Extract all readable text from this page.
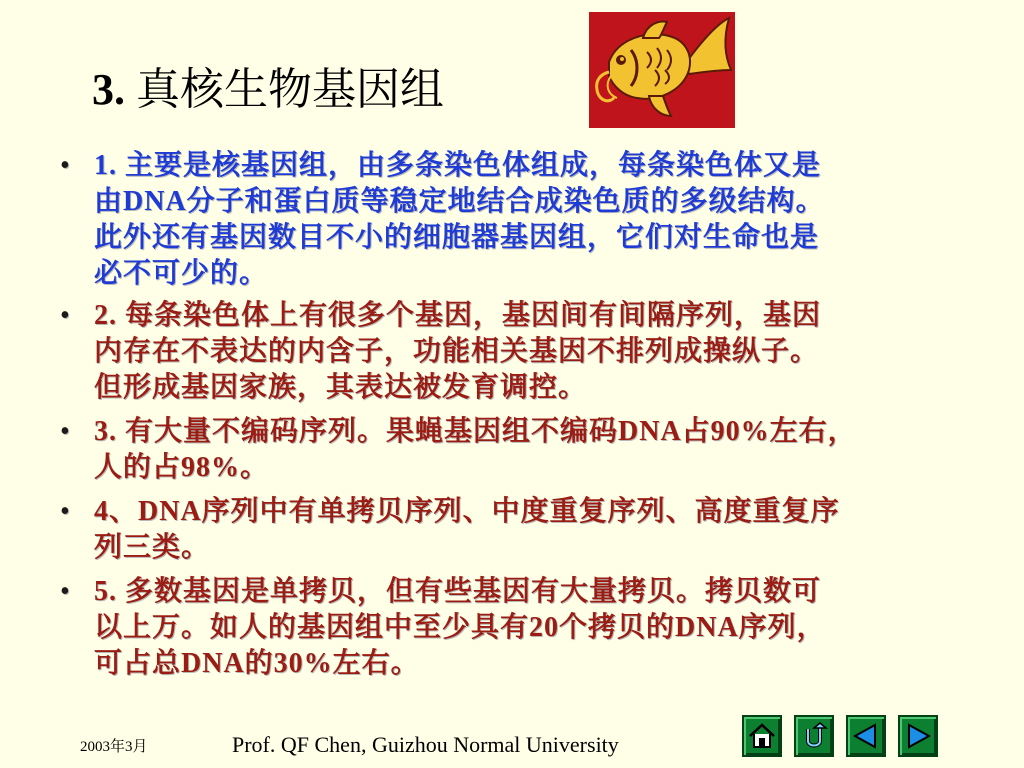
3. 真核生物基因组
• 1. 主要是核基因组，由多条染色体组成，每条染色体又是
由DNA分子和蛋白质等稳定地结合成染色质的多级结构。
此外还有基因数目不小的细胞器基因组，它们对生命也是
必不可少的。
• 2. 每条染色体上有很多个基因，基因间有间隔序列，基因
内存在不表达的内含子，功能相关基因不排列成操纵子。
但形成基因家族，其表达被发育调控。
• 3. 有大量不编码序列。果蝇基因组不编码DNA占90%左右，
人的占98%。
• 4、DNA序列中有单拷贝序列、中度重复序列、高度重复序
列三类。
• 5. 多数基因是单拷贝，但有些基因有大量拷贝。拷贝数可
以上万。如人的基因组中至少具有20个拷贝的DNA序列，
可占总DNA的30%左右。
2003年3月	Prof. QF Chen, Guizhou Normal University
